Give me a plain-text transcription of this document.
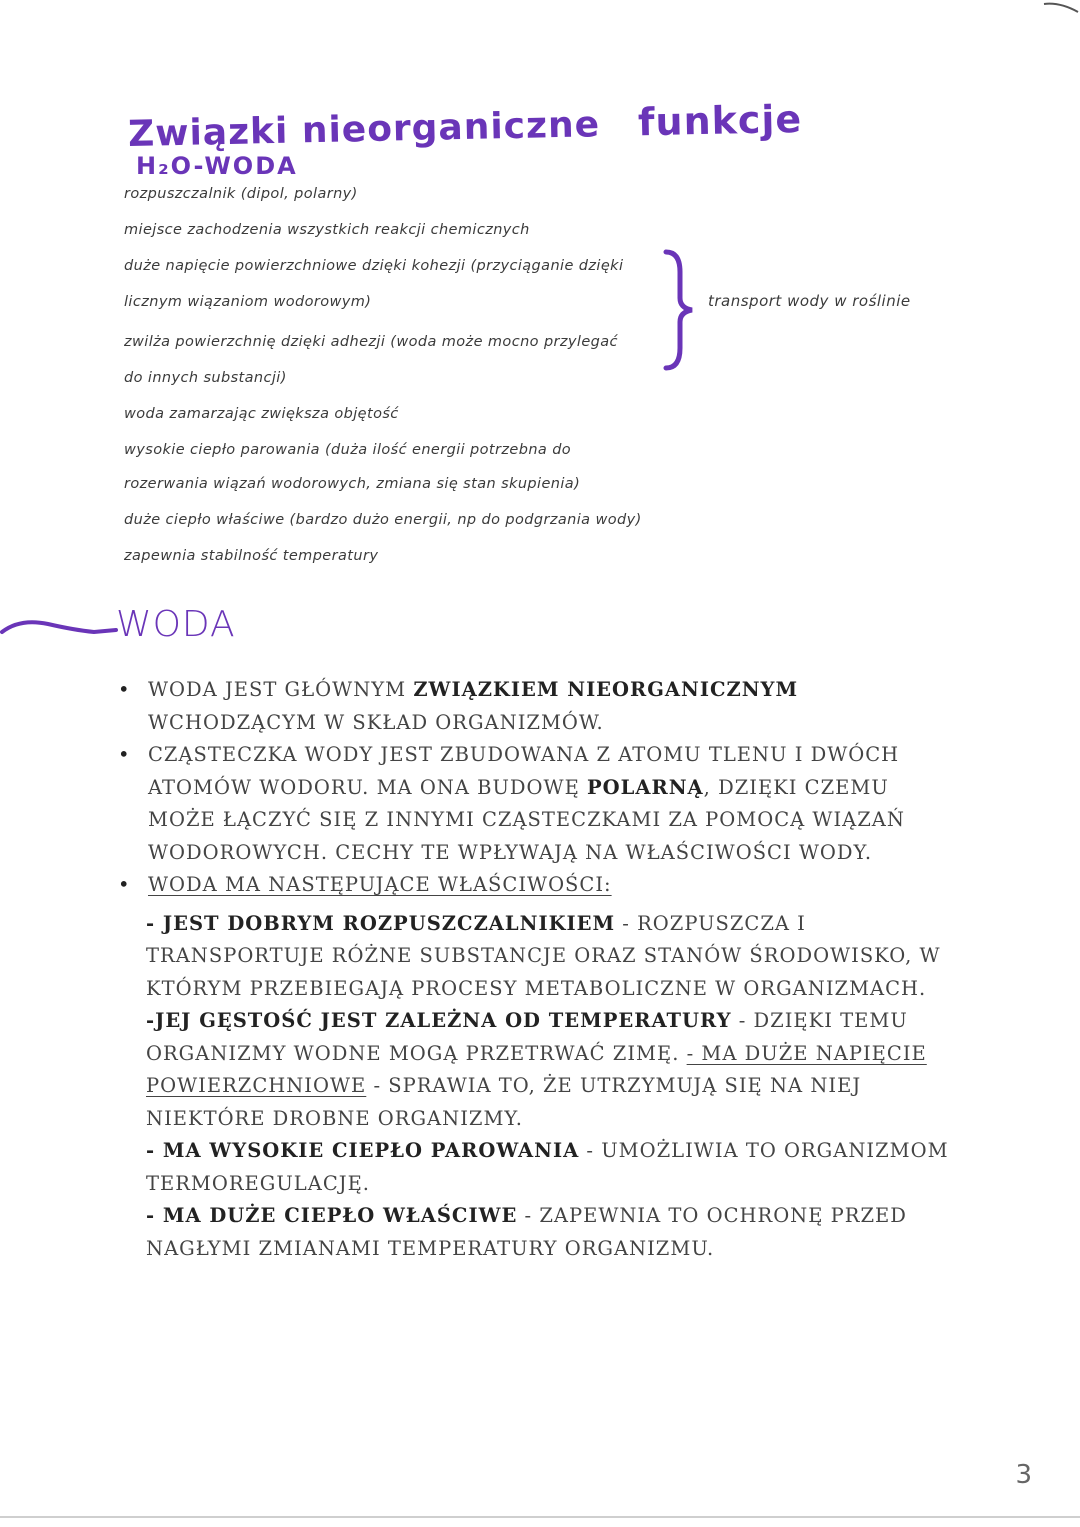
Związki nieorganiczne funkcje
H₂O-WODA
rozpuszczalnik (dipol, polarny)
miejsce zachodzenia wszystkich reakcji chemicznych
duże napięcie powierzchniowe dzięki kohezji (przyciąganie dzięki
licznym wiązaniom wodorowym)
zwilża powierzchnię dzięki adhezji (woda może mocno przylegać
do innych substancji)
woda zamarzając zwiększa objętość
wysokie ciepło parowania (duża ilość energii potrzebna do
rozerwania wiązań wodorowych, zmiana się stan skupienia)
duże ciepło właściwe (bardzo dużo energii, np do podgrzania wody)
zapewnia stabilność temperatury
transport wody w roślinie
WODA
• WODA JEST GŁÓWNYM ZWIĄZKIEM NIEORGANICZNYM WCHODZĄCYM W SKŁAD ORGANIZMÓW.
• CZĄSTECZKA WODY JEST ZBUDOWANA Z ATOMU TLENU I DWÓCH ATOMÓW WODORU. MA ONA BUDOWĘ POLARNĄ, DZIĘKI CZEMU MOŻE ŁĄCZYĆ SIĘ Z INNYMI CZĄSTECZKAMI ZA POMOCĄ WIĄZAŃ WODOROWYCH. CECHY TE WPŁYWAJĄ NA WŁAŚCIWOŚCI WODY.
• WODA MA NASTĘPUJĄCE WŁAŚCIWOŚCI:
- JEST DOBRYM ROZPUSZCZALNIKIEM - ROZPUSZCZA I TRANSPORTUJE RÓŻNE SUBSTANCJE ORAZ STANÓW ŚRODOWISKO, W KTÓRYM PRZEBIEGAJĄ PROCESY METABOLICZNE W ORGANIZMACH.
-JEJ GĘSTOŚĆ JEST ZALEŻNA OD TEMPERATURY - DZIĘKI TEMU ORGANIZMY WODNE MOGĄ PRZETRWAĆ ZIMĘ. - MA DUŻE NAPIĘCIE POWIERZCHNIOWE - SPRAWIA TO, ŻE UTRZYMUJĄ SIĘ NA NIEJ NIEKTÓRE DROBNE ORGANIZMY.
- MA WYSOKIE CIEPŁO PAROWANIA - UMOŻLIWIA TO ORGANIZMOM TERMOREGULACJĘ.
- MA DUŻE CIEPŁO WŁAŚCIWE - ZAPEWNIA TO OCHRONĘ PRZED NAGŁYMI ZMIANAMI TEMPERATURY ORGANIZMU.
3
